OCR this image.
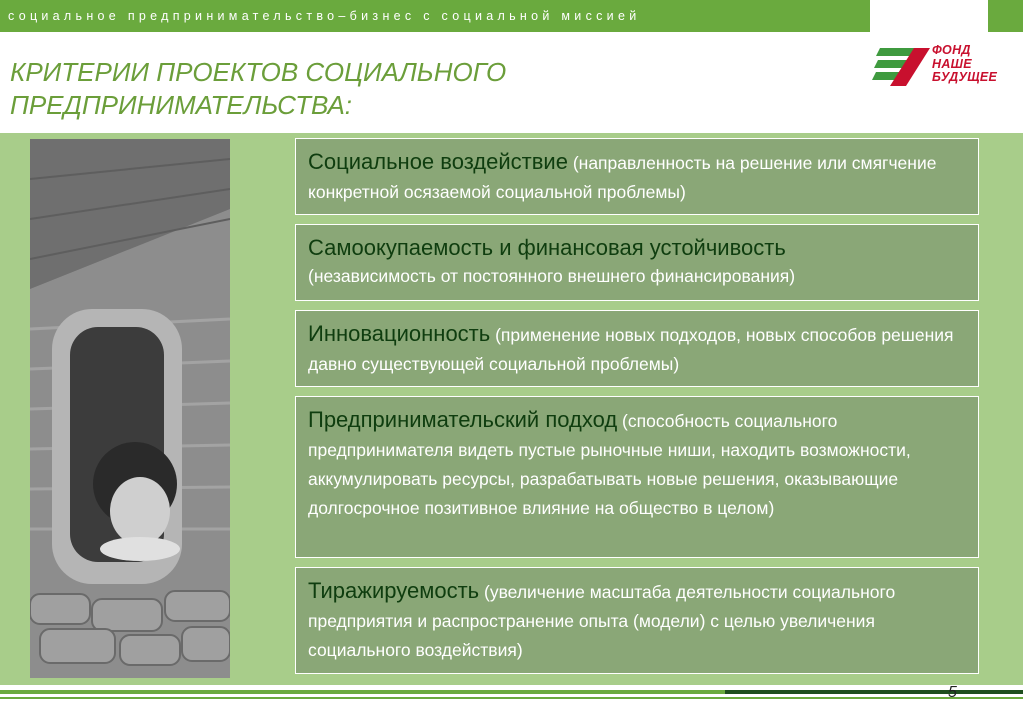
социальное предпринимательство–бизнес с социальной миссией
КРИТЕРИИ ПРОЕКТОВ СОЦИАЛЬНОГО
ПРЕДПРИНИМАТЕЛЬСТВА:
ФОНД
НАШЕ
БУДУЩЕЕ
Социальное воздействие (направленность на решение или смягчение конкретной осязаемой социальной проблемы)
Самоокупаемость и финансовая устойчивость
(независимость от постоянного внешнего финансирования)
Инновационность (применение новых подходов, новых способов решения давно существующей социальной проблемы)
Предпринимательский подход (способность социального предпринимателя видеть пустые рыночные ниши, находить возможности, аккумулировать ресурсы, разрабатывать новые решения, оказывающие долгосрочное позитивное влияние на общество в целом)
Тиражируемость (увеличение масштаба деятельности социального предприятия и распространение опыта (модели) с целью увеличения социального воздействия)
5
